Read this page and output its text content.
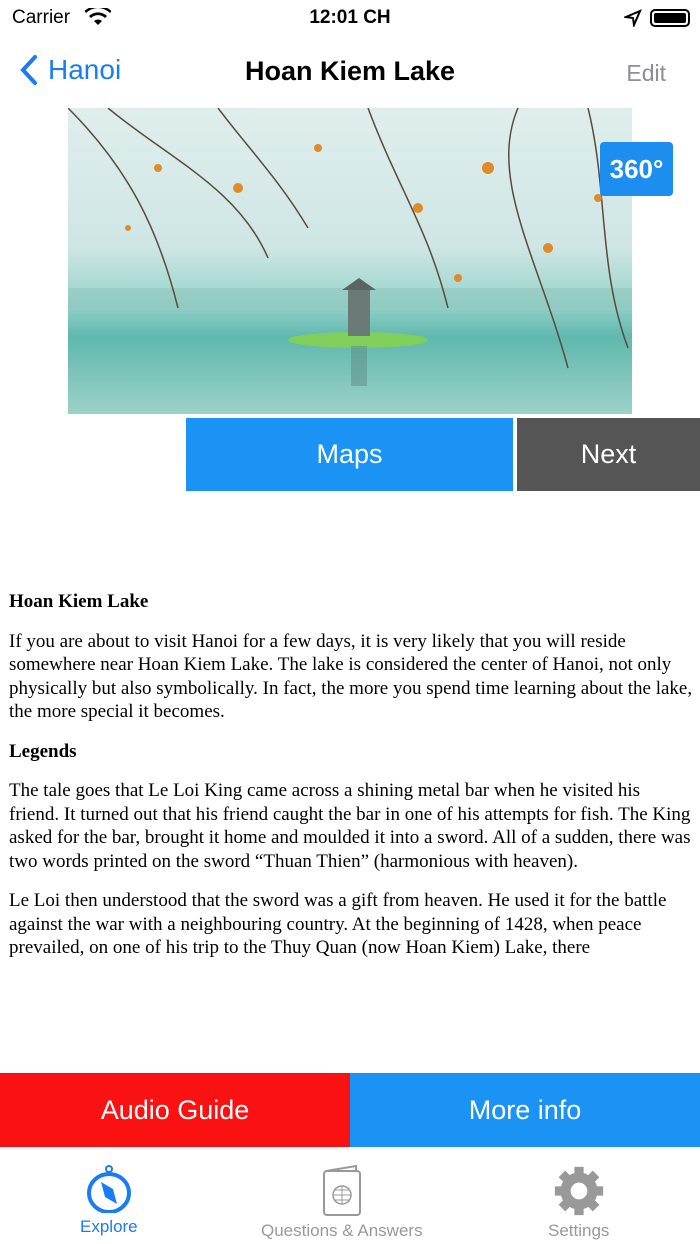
Carrier	12:01 CH
Hanoi	Hoan Kiem Lake	Edit
360°
Maps	Next
Hoan Kiem Lake

If you are about to visit Hanoi for a few days, it is very likely that you will reside somewhere near Hoan Kiem Lake. The lake is considered the center of Hanoi, not only physically but also symbolically. In fact, the more you spend time learning about the lake, the more special it becomes.

Legends

The tale goes that Le Loi King came across a shining metal bar when he visited his friend. It turned out that his friend caught the bar in one of his attempts for fish. The King asked for the bar, brought it home and moulded it into a sword. All of a sudden, there was two words printed on the sword “Thuan Thien” (harmonious with heaven).

Le Loi then understood that the sword was a gift from heaven. He used it for the battle against the war with a neighbouring country. At the beginning of 1428, when peace prevailed, on one of his trip to the Thuy Quan (now Hoan Kiem) Lake, there

Audio Guide	More info
Explore	Questions & Answers	Settings
